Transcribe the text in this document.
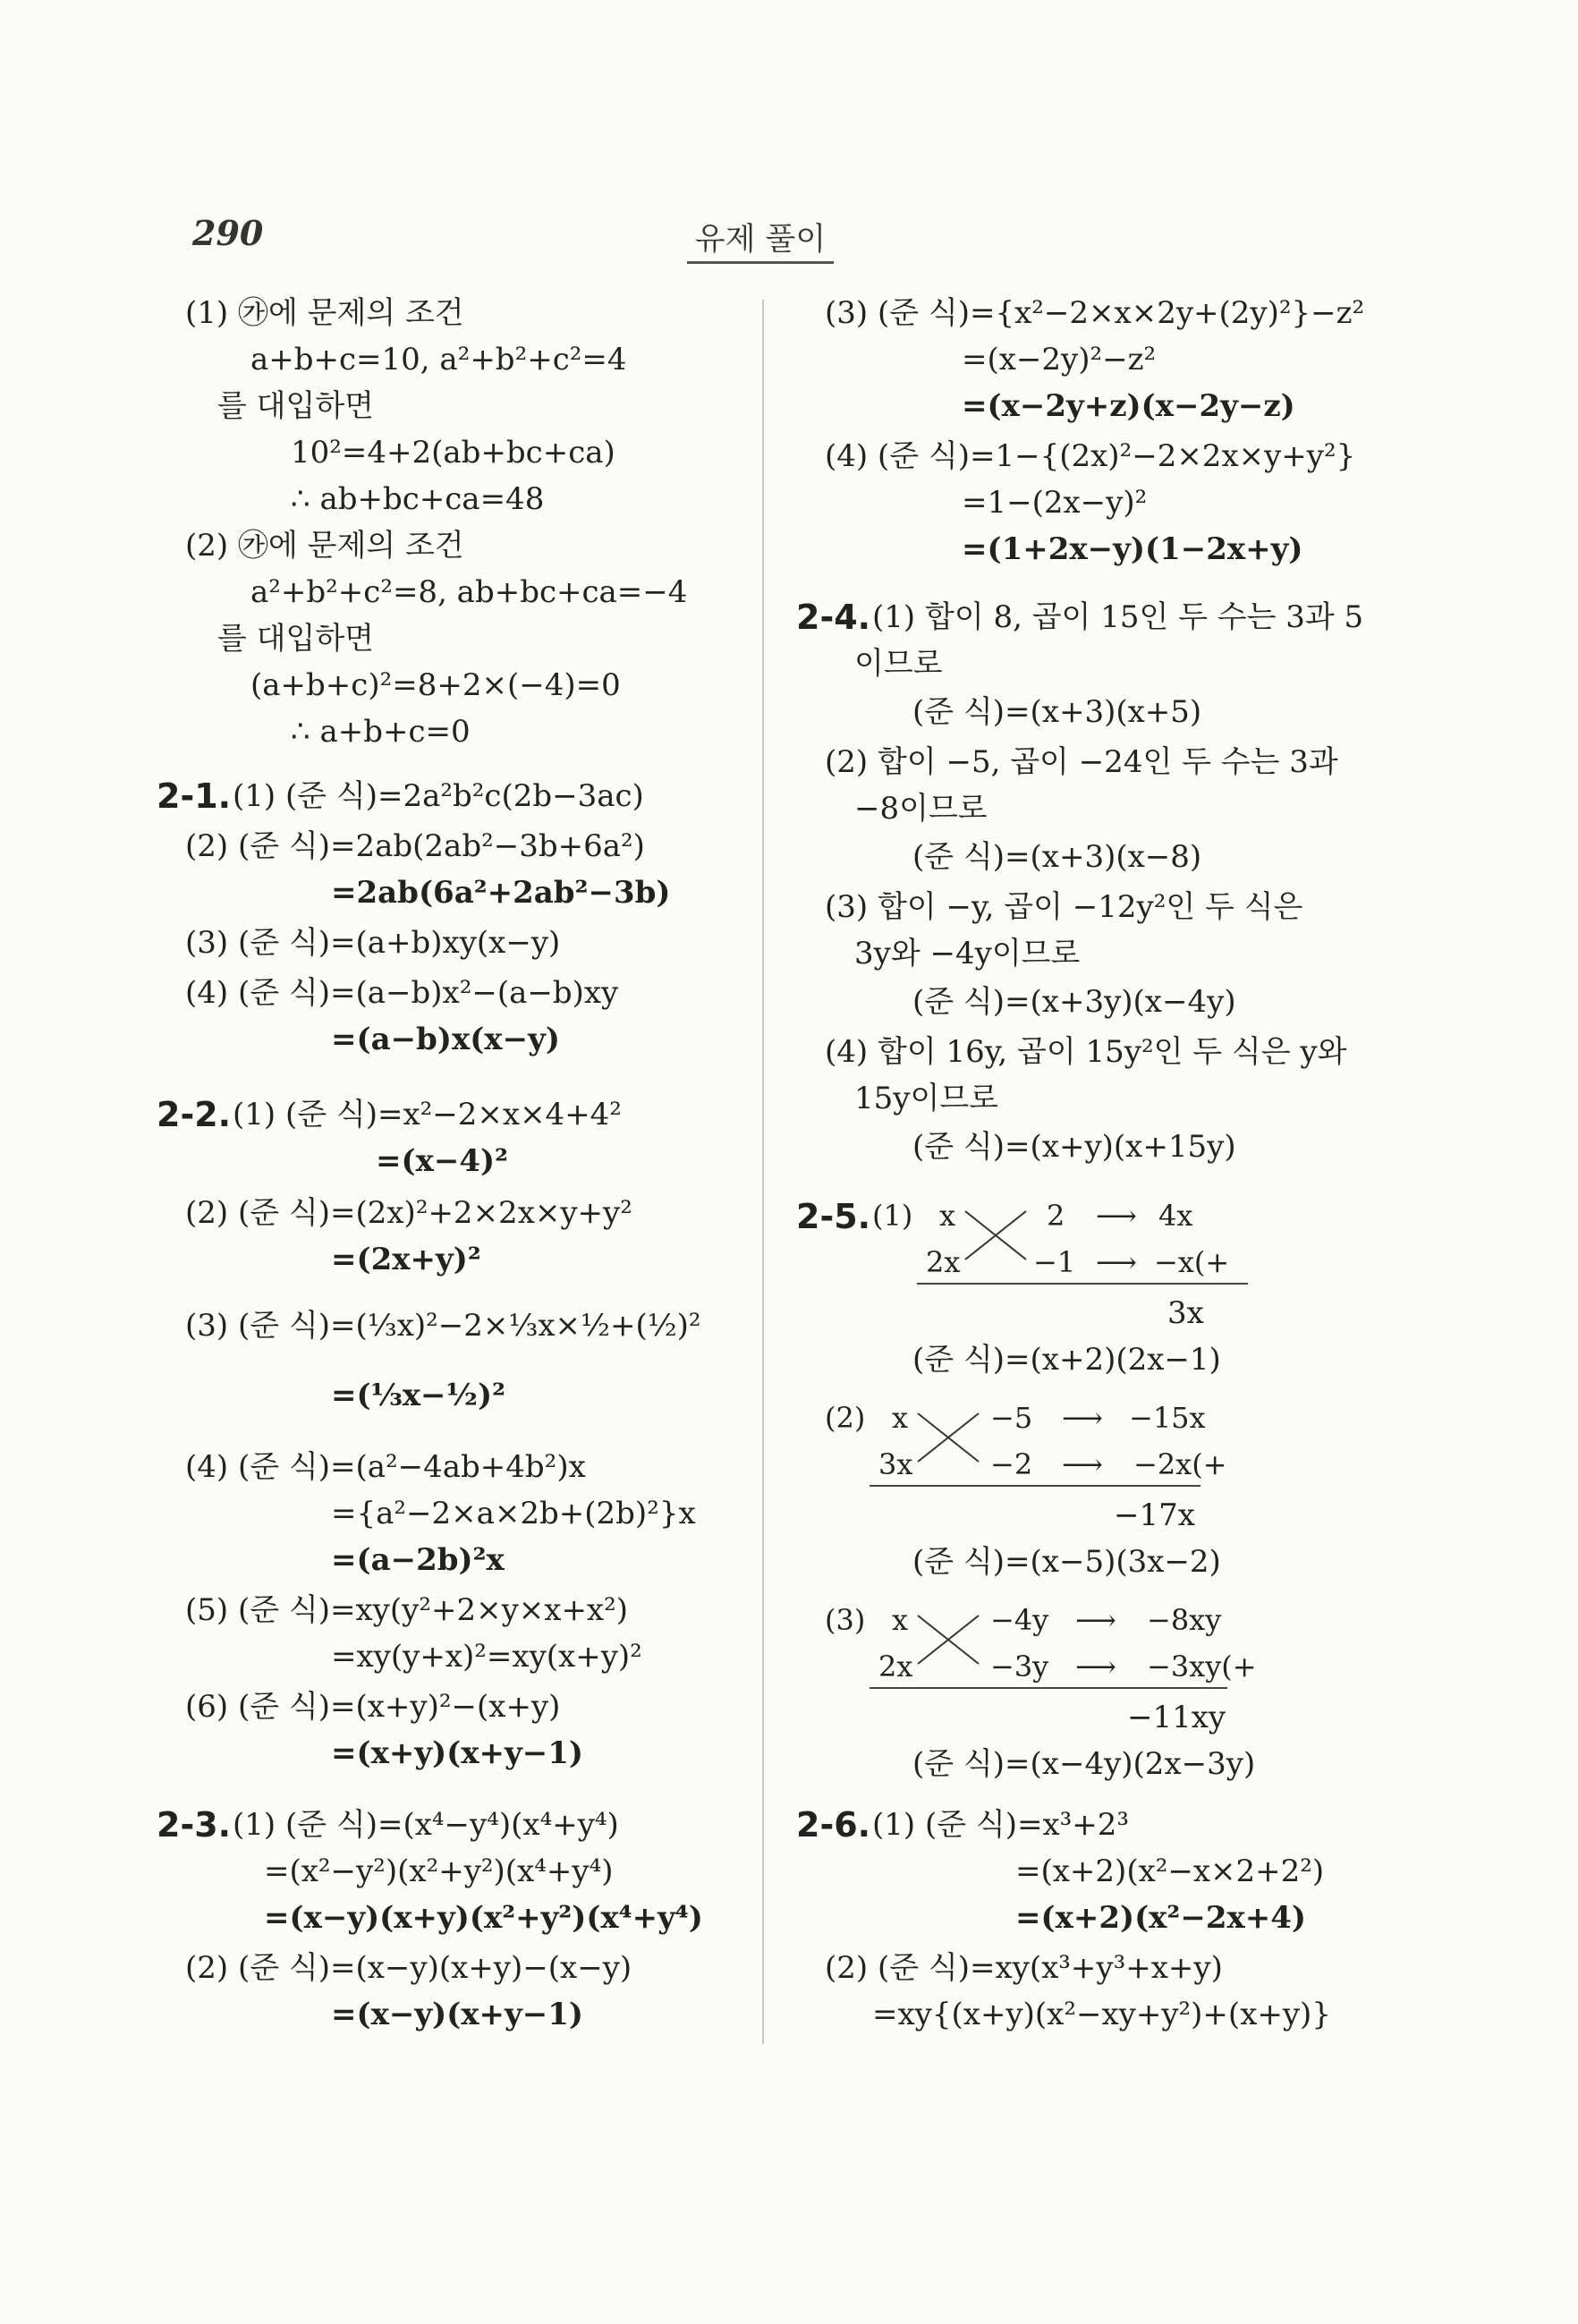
290	유제 풀이
(1) ㉮에 문제의 조건
a+b+c=10, a²+b²+c²=4
를 대입하면
10²=4+2(ab+bc+ca)
∴ ab+bc+ca=48
(2) ㉮에 문제의 조건
a²+b²+c²=8, ab+bc+ca=−4
를 대입하면
(a+b+c)²=8+2×(−4)=0
∴ a+b+c=0
2-1. (1) (준 식)=2a²b²c(2b−3ac)
(2) (준 식)=2ab(2ab²−3b+6a²)
=2ab(6a²+2ab²−3b)
(3) (준 식)=(a+b)xy(x−y)
(4) (준 식)=(a−b)x²−(a−b)xy
=(a−b)x(x−y)
2-2. (1) (준 식)=x²−2×x×4+4²
=(x−4)²
(2) (준 식)=(2x)²+2×2x×y+y²
=(2x+y)²
(3) (준 식)=(⅓x)²−2×⅓x×½+(½)²
=(⅓x−½)²
(4) (준 식)=(a²−4ab+4b²)x
={a²−2×a×2b+(2b)²}x
=(a−2b)²x
(5) (준 식)=xy(y²+2×y×x+x²)
=xy(y+x)²=xy(x+y)²
(6) (준 식)=(x+y)²−(x+y)
=(x+y)(x+y−1)
2-3. (1) (준 식)=(x⁴−y⁴)(x⁴+y⁴)
=(x²−y²)(x²+y²)(x⁴+y⁴)
=(x−y)(x+y)(x²+y²)(x⁴+y⁴)
(2) (준 식)=(x−y)(x+y)−(x−y)
=(x−y)(x+y−1)
(3) (준 식)={x²−2×x×2y+(2y)²}−z²
=(x−2y)²−z²
=(x−2y+z)(x−2y−z)
(4) (준 식)=1−{(2x)²−2×2x×y+y²}
=1−(2x−y)²
=(1+2x−y)(1−2x+y)
2-4. (1) 합이 8, 곱이 15인 두 수는 3과 5
이므로
(준 식)=(x+3)(x+5)
(2) 합이 −5, 곱이 −24인 두 수는 3과
−8이므로
(준 식)=(x+3)(x−8)
(3) 합이 −y, 곱이 −12y²인 두 식은
3y와 −4y이므로
(준 식)=(x+3y)(x−4y)
(4) 합이 16y, 곱이 15y²인 두 식은 y와
15y이므로
(준 식)=(x+y)(x+15y)
2-5. (1) x	2 ⟶ 4x
2x	−1 ⟶ −x(+
3x
(준 식)=(x+2)(2x−1)
(2) x	−5 ⟶ −15x
3x	−2 ⟶ −2x(+
−17x
(준 식)=(x−5)(3x−2)
(3) x	−4y ⟶ −8xy
2x	−3y ⟶ −3xy(+
−11xy
(준 식)=(x−4y)(2x−3y)
2-6. (1) (준 식)=x³+2³
=(x+2)(x²−x×2+2²)
=(x+2)(x²−2x+4)
(2) (준 식)=xy(x³+y³+x+y)
=xy{(x+y)(x²−xy+y²)+(x+y)}
